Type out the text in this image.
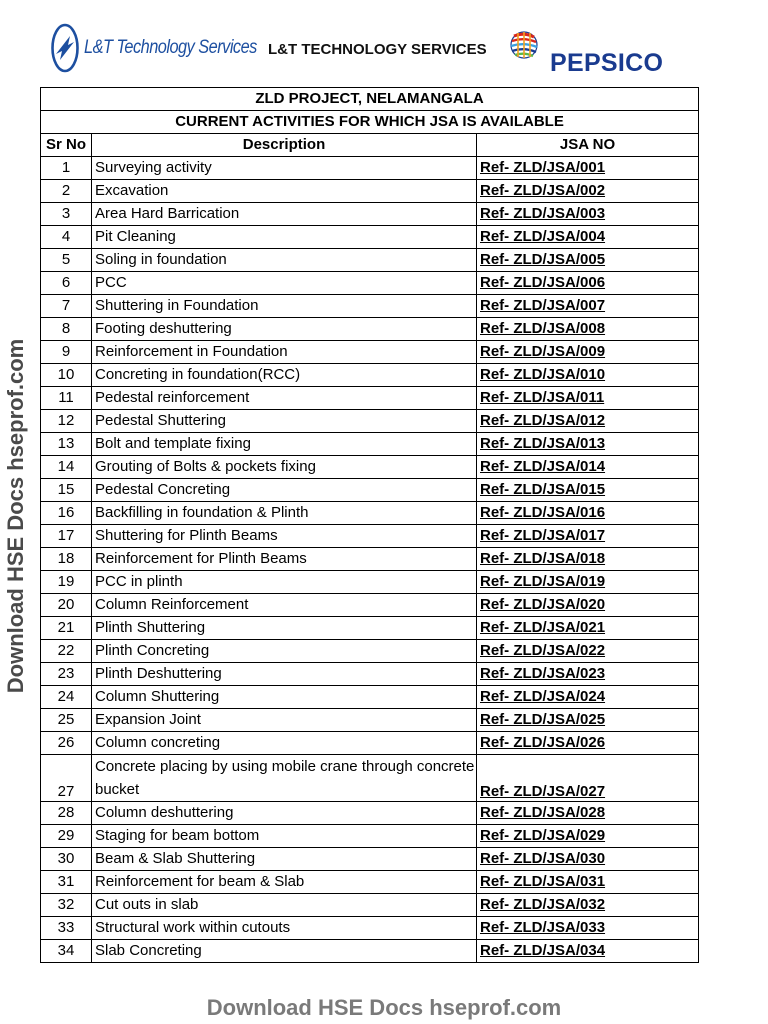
L&T Technology Services L&T TECHNOLOGY SERVICES	PEPSICO
ZLD PROJECT, NELAMANGALA		
CURRENT ACTIVITIES FOR WHICH JSA IS AVAILABLE		
Sr No	Description	JSA NO
1	Surveying activity	Ref- ZLD/JSA/001
2	Excavation	Ref- ZLD/JSA/002
3	Area Hard Barrication	Ref- ZLD/JSA/003
4	Pit Cleaning	Ref- ZLD/JSA/004
5	Soling in foundation	Ref- ZLD/JSA/005
6	PCC	Ref- ZLD/JSA/006
7	Shuttering in Foundation	Ref- ZLD/JSA/007
8	Footing deshuttering	Ref- ZLD/JSA/008
9	Reinforcement in Foundation	Ref- ZLD/JSA/009
10	Concreting in foundation(RCC)	Ref- ZLD/JSA/010
11	Pedestal reinforcement	Ref- ZLD/JSA/011
12	Pedestal Shuttering	Ref- ZLD/JSA/012
13	Bolt and template fixing	Ref- ZLD/JSA/013
14	Grouting of Bolts & pockets fixing	Ref- ZLD/JSA/014
15	Pedestal Concreting	Ref- ZLD/JSA/015
16	Backfilling in foundation & Plinth	Ref- ZLD/JSA/016
17	Shuttering for Plinth Beams	Ref- ZLD/JSA/017
18	Reinforcement for Plinth Beams	Ref- ZLD/JSA/018
19	PCC in plinth	Ref- ZLD/JSA/019
20	Column Reinforcement	Ref- ZLD/JSA/020
21	Plinth Shuttering	Ref- ZLD/JSA/021
22	Plinth Concreting	Ref- ZLD/JSA/022
23	Plinth Deshuttering	Ref- ZLD/JSA/023
24	Column Shuttering	Ref- ZLD/JSA/024
25	Expansion Joint	Ref- ZLD/JSA/025
26	Column concreting	Ref- ZLD/JSA/026
27	Concrete placing by using mobile crane through concrete bucket	Ref- ZLD/JSA/027
28	Column deshuttering	Ref- ZLD/JSA/028
29	Staging for beam bottom	Ref- ZLD/JSA/029
30	Beam & Slab Shuttering	Ref- ZLD/JSA/030
31	Reinforcement for beam & Slab	Ref- ZLD/JSA/031
32	Cut outs in slab	Ref- ZLD/JSA/032
33	Structural work within cutouts	Ref- ZLD/JSA/033
34	Slab Concreting	Ref- ZLD/JSA/034
Download HSE Docs hseprof.com
Download HSE Docs hseprof.com
